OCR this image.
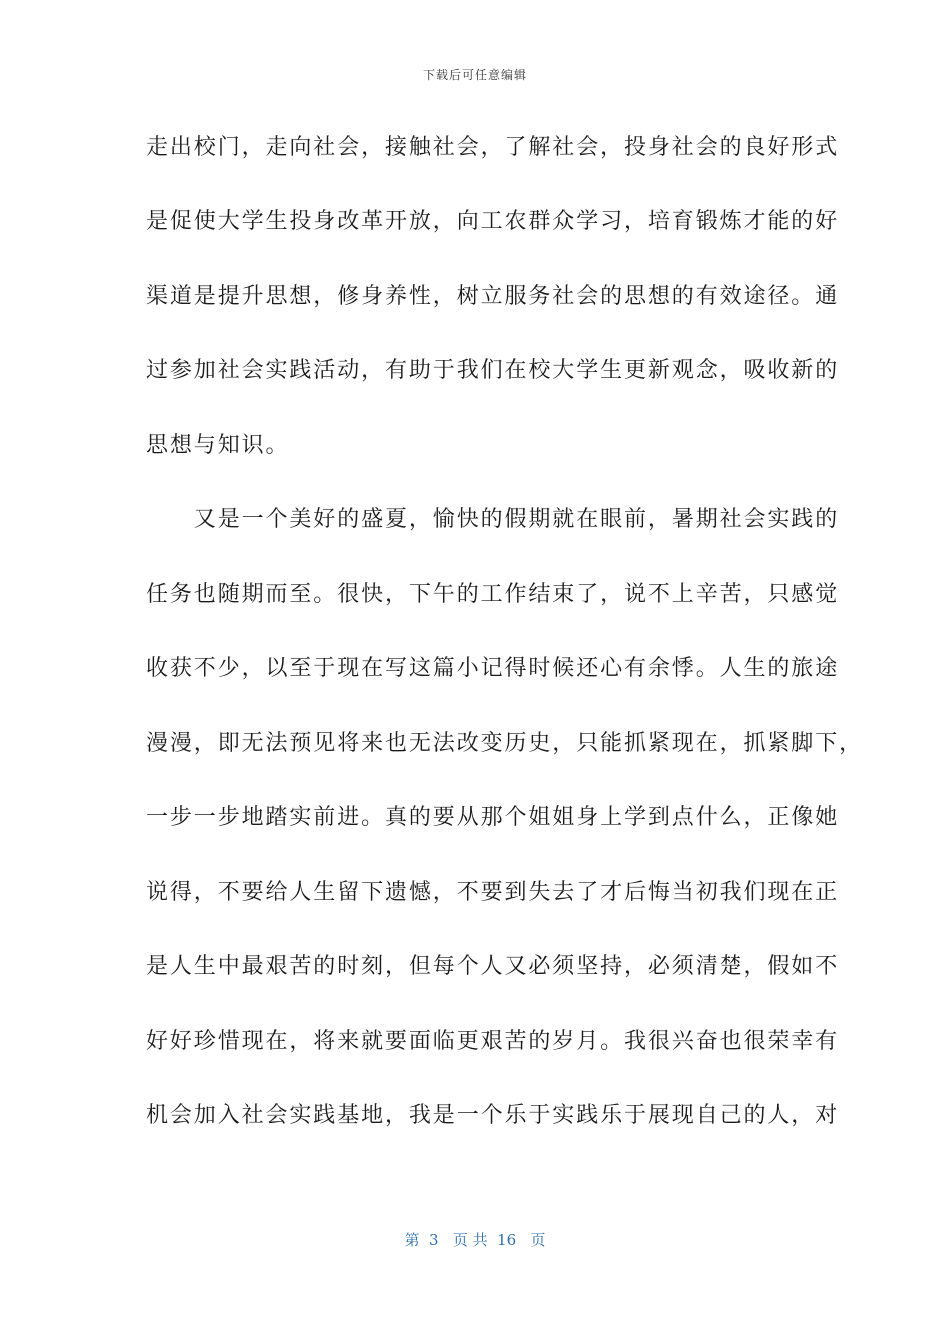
下载后可任意编辑
走出校门，走向社会，接触社会，了解社会，投身社会的良好形式
是促使大学生投身改革开放，向工农群众学习，培育锻炼才能的好
渠道是提升思想，修身养性，树立服务社会的思想的有效途径。通
过参加社会实践活动，有助于我们在校大学生更新观念，吸收新的
思想与知识。
　　又是一个美好的盛夏，愉快的假期就在眼前，暑期社会实践的
任务也随期而至。很快，下午的工作结束了，说不上辛苦，只感觉
收获不少，以至于现在写这篇小记得时候还心有余悸。人生的旅途
漫漫，即无法预见将来也无法改变历史，只能抓紧现在，抓紧脚下，
一步一步地踏实前进。真的要从那个姐姐身上学到点什么，正像她
说得，不要给人生留下遗憾，不要到失去了才后悔当初我们现在正
是人生中最艰苦的时刻，但每个人又必须坚持，必须清楚，假如不
好好珍惜现在，将来就要面临更艰苦的岁月。我很兴奋也很荣幸有
机会加入社会实践基地，我是一个乐于实践乐于展现自己的人，对
第  3   页 共  16   页
